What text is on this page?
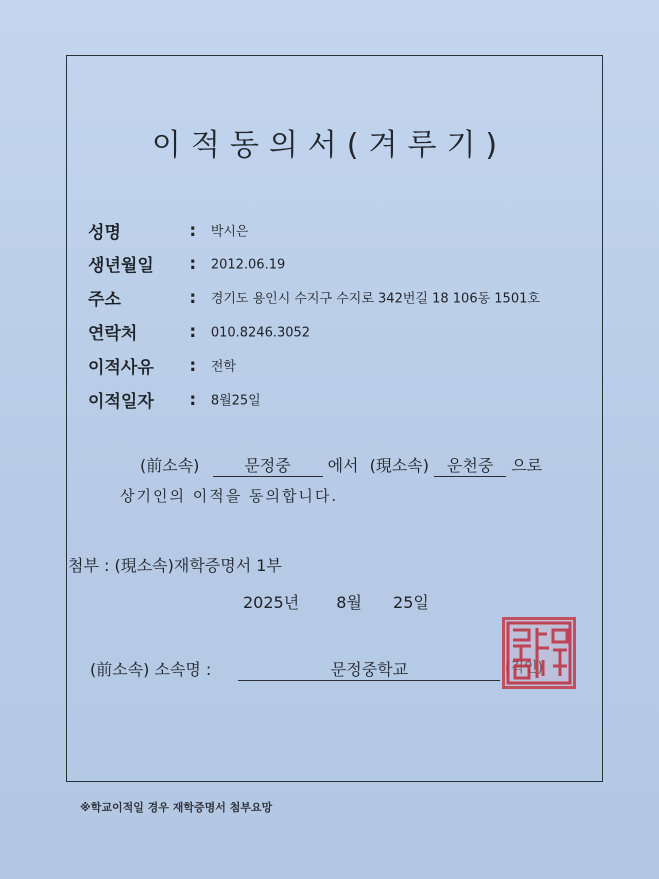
이적동의서(겨루기)
성명	: 박시은
생년월일	: 2012.06.19
주소	: 경기도 용인시 수지구 수지로 342번길 18 106동 1501호
연락처	: 010.8246.3052
이적사유	: 전학
이적일자	: 8월25일
(前소속)	문정중 에서 (現소속) 운천중 으로
상기인의 이적을 동의합니다.
첨부 : (現소속)재학증명서 1부
2025년 8월 25일
(前소속) 소속명 :	문정중학교	(직인)
※학교이적일 경우 재학증명서 첨부요망
